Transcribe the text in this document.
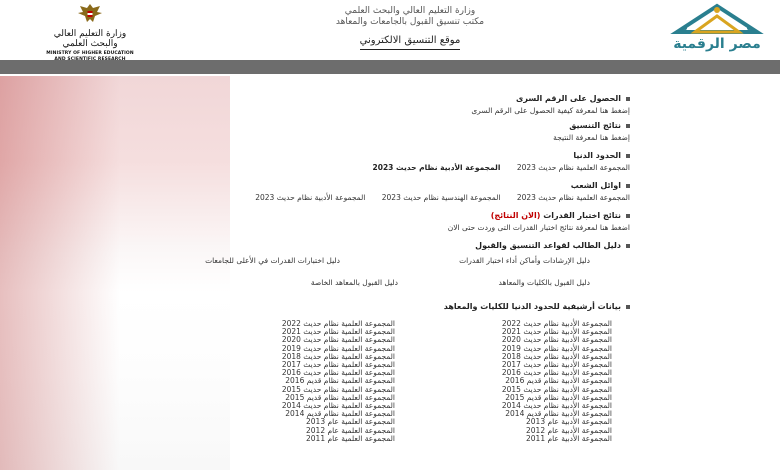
وزارة التعليم العالي والبحث العلمي
MINISTRY OF HIGHER EDUCATION
وزارة التعليم العالي والبحث العلمي
مكتب تنسيق القبول بالجامعات والمعاهد
موقع التنسيق الالكتروني	مصر الرقمية
الحصول على الرقم السرى
إضغط هنا لمعرفة كيفية الحصول على الرقم السرى
نتائج التنسيق
إضغط هنا لمعرفة النتيجة
الحدود الدنيا
المجموعة العلمية نظام حديث 2023 المجموعة الأدبية نظام حديث 2023
اوائل الشعب
المجموعة العلمية نظام حديث 2023 المجموعة الهندسية نظام حديث 2023 المجموعة الأدبية نظام حديث 2023
نتائج اختبار القدرات (الان النتائج)
اضغط هنا لمعرفة نتائج اختبار القدرات التى وردت حتى الان
دليل الطالب لقواعد التنسيق والقبول
دليل الإرشادات وأماكن أداء اختبار القدرات
دليل اختبارات القدرات في الأعلى للجامعات
دليل القبول بالكليات والمعاهد
دليل القبول بالمعاهد الخاصة
بيانات أرشيفية للحدود الدنيا للكليات والمعاهد
المجموعة الأدبية نظام حديث 2022
المجموعة الأدبية نظام حديث 2021
المجموعة الأدبية نظام حديث 2020
المجموعة الأدبية نظام حديث 2019
المجموعة الأدبية نظام حديث 2018
المجموعة الأدبية نظام حديث 2017
المجموعة الأدبية نظام حديث 2016
المجموعة الأدبية نظام قديم 2016
المجموعة الأدبية نظام حديث 2015
المجموعة الأدبية نظام قديم 2015
المجموعة الأدبية نظام حديث 2014
المجموعة الأدبية نظام قديم 2014
المجموعة الأدبية عام 2013
المجموعة الأدبية عام 2012
المجموعة الأدبية عام 2011
المجموعة العلمية نظام حديث 2022
المجموعة العلمية نظام حديث 2021
المجموعة العلمية نظام حديث 2020
المجموعة العلمية نظام حديث 2019
المجموعة العلمية نظام حديث 2018
المجموعة العلمية نظام حديث 2017
المجموعة العلمية نظام حديث 2016
المجموعة العلمية نظام قديم 2016
المجموعة العلمية نظام حديث 2015
المجموعة العلمية نظام قديم 2015
المجموعة العلمية نظام حديث 2014
المجموعة العلمية نظام قديم 2014
المجموعة العلمية عام 2013
المجموعة العلمية عام 2012
المجموعة العلمية عام 2011
